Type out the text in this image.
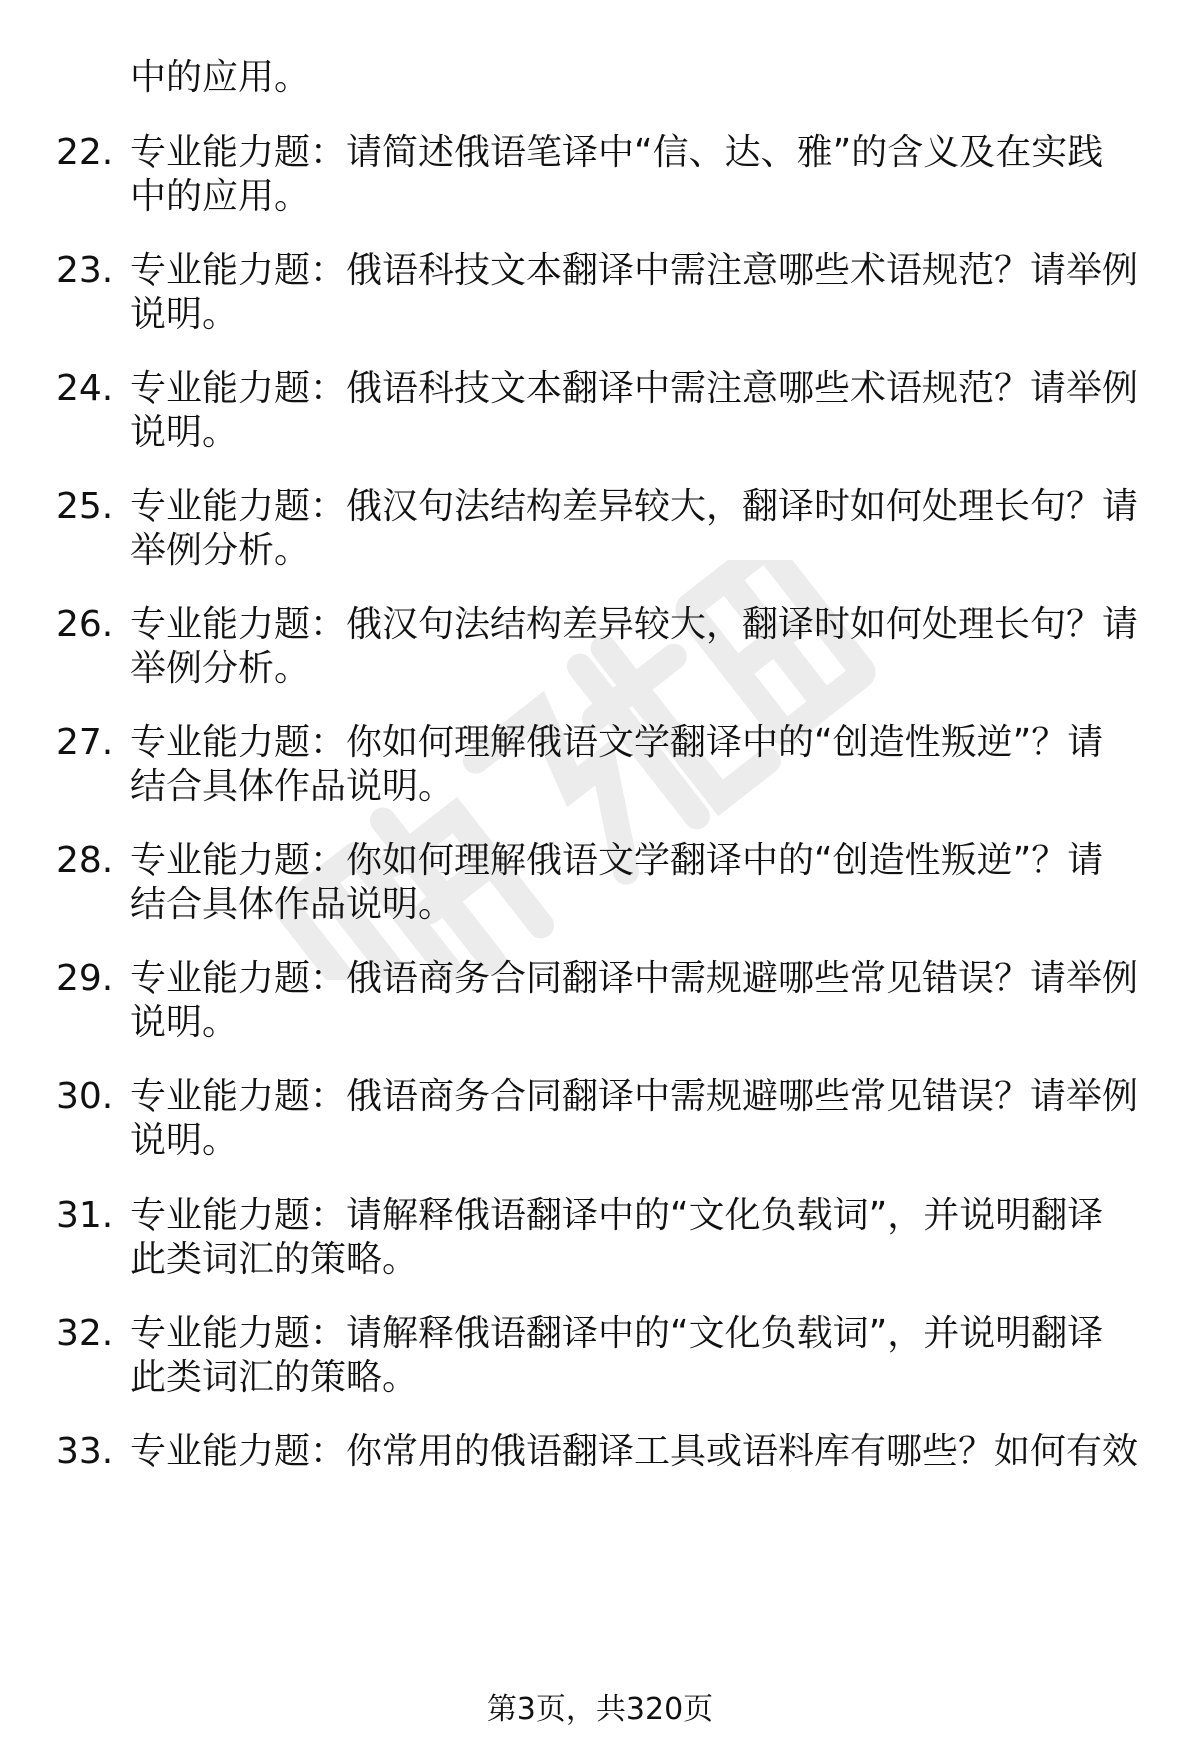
中的应用。
22. 专业能力题：请简述俄语笔译中“信、达、雅”的含义及在实践
中的应用。
23. 专业能力题：俄语科技文本翻译中需注意哪些术语规范？请举例
说明。
24. 专业能力题：俄语科技文本翻译中需注意哪些术语规范？请举例
说明。
25. 专业能力题：俄汉句法结构差异较大，翻译时如何处理长句？请
举例分析。
26. 专业能力题：俄汉句法结构差异较大，翻译时如何处理长句？请
举例分析。
27. 专业能力题：你如何理解俄语文学翻译中的“创造性叛逆”？请
结合具体作品说明。
28. 专业能力题：你如何理解俄语文学翻译中的“创造性叛逆”？请
结合具体作品说明。
29. 专业能力题：俄语商务合同翻译中需规避哪些常见错误？请举例
说明。
30. 专业能力题：俄语商务合同翻译中需规避哪些常见错误？请举例
说明。
31. 专业能力题：请解释俄语翻译中的“文化负载词”，并说明翻译
此类词汇的策略。
32. 专业能力题：请解释俄语翻译中的“文化负载词”，并说明翻译
此类词汇的策略。
33. 专业能力题：你常用的俄语翻译工具或语料库有哪些？如何有效
第3页，共320页
